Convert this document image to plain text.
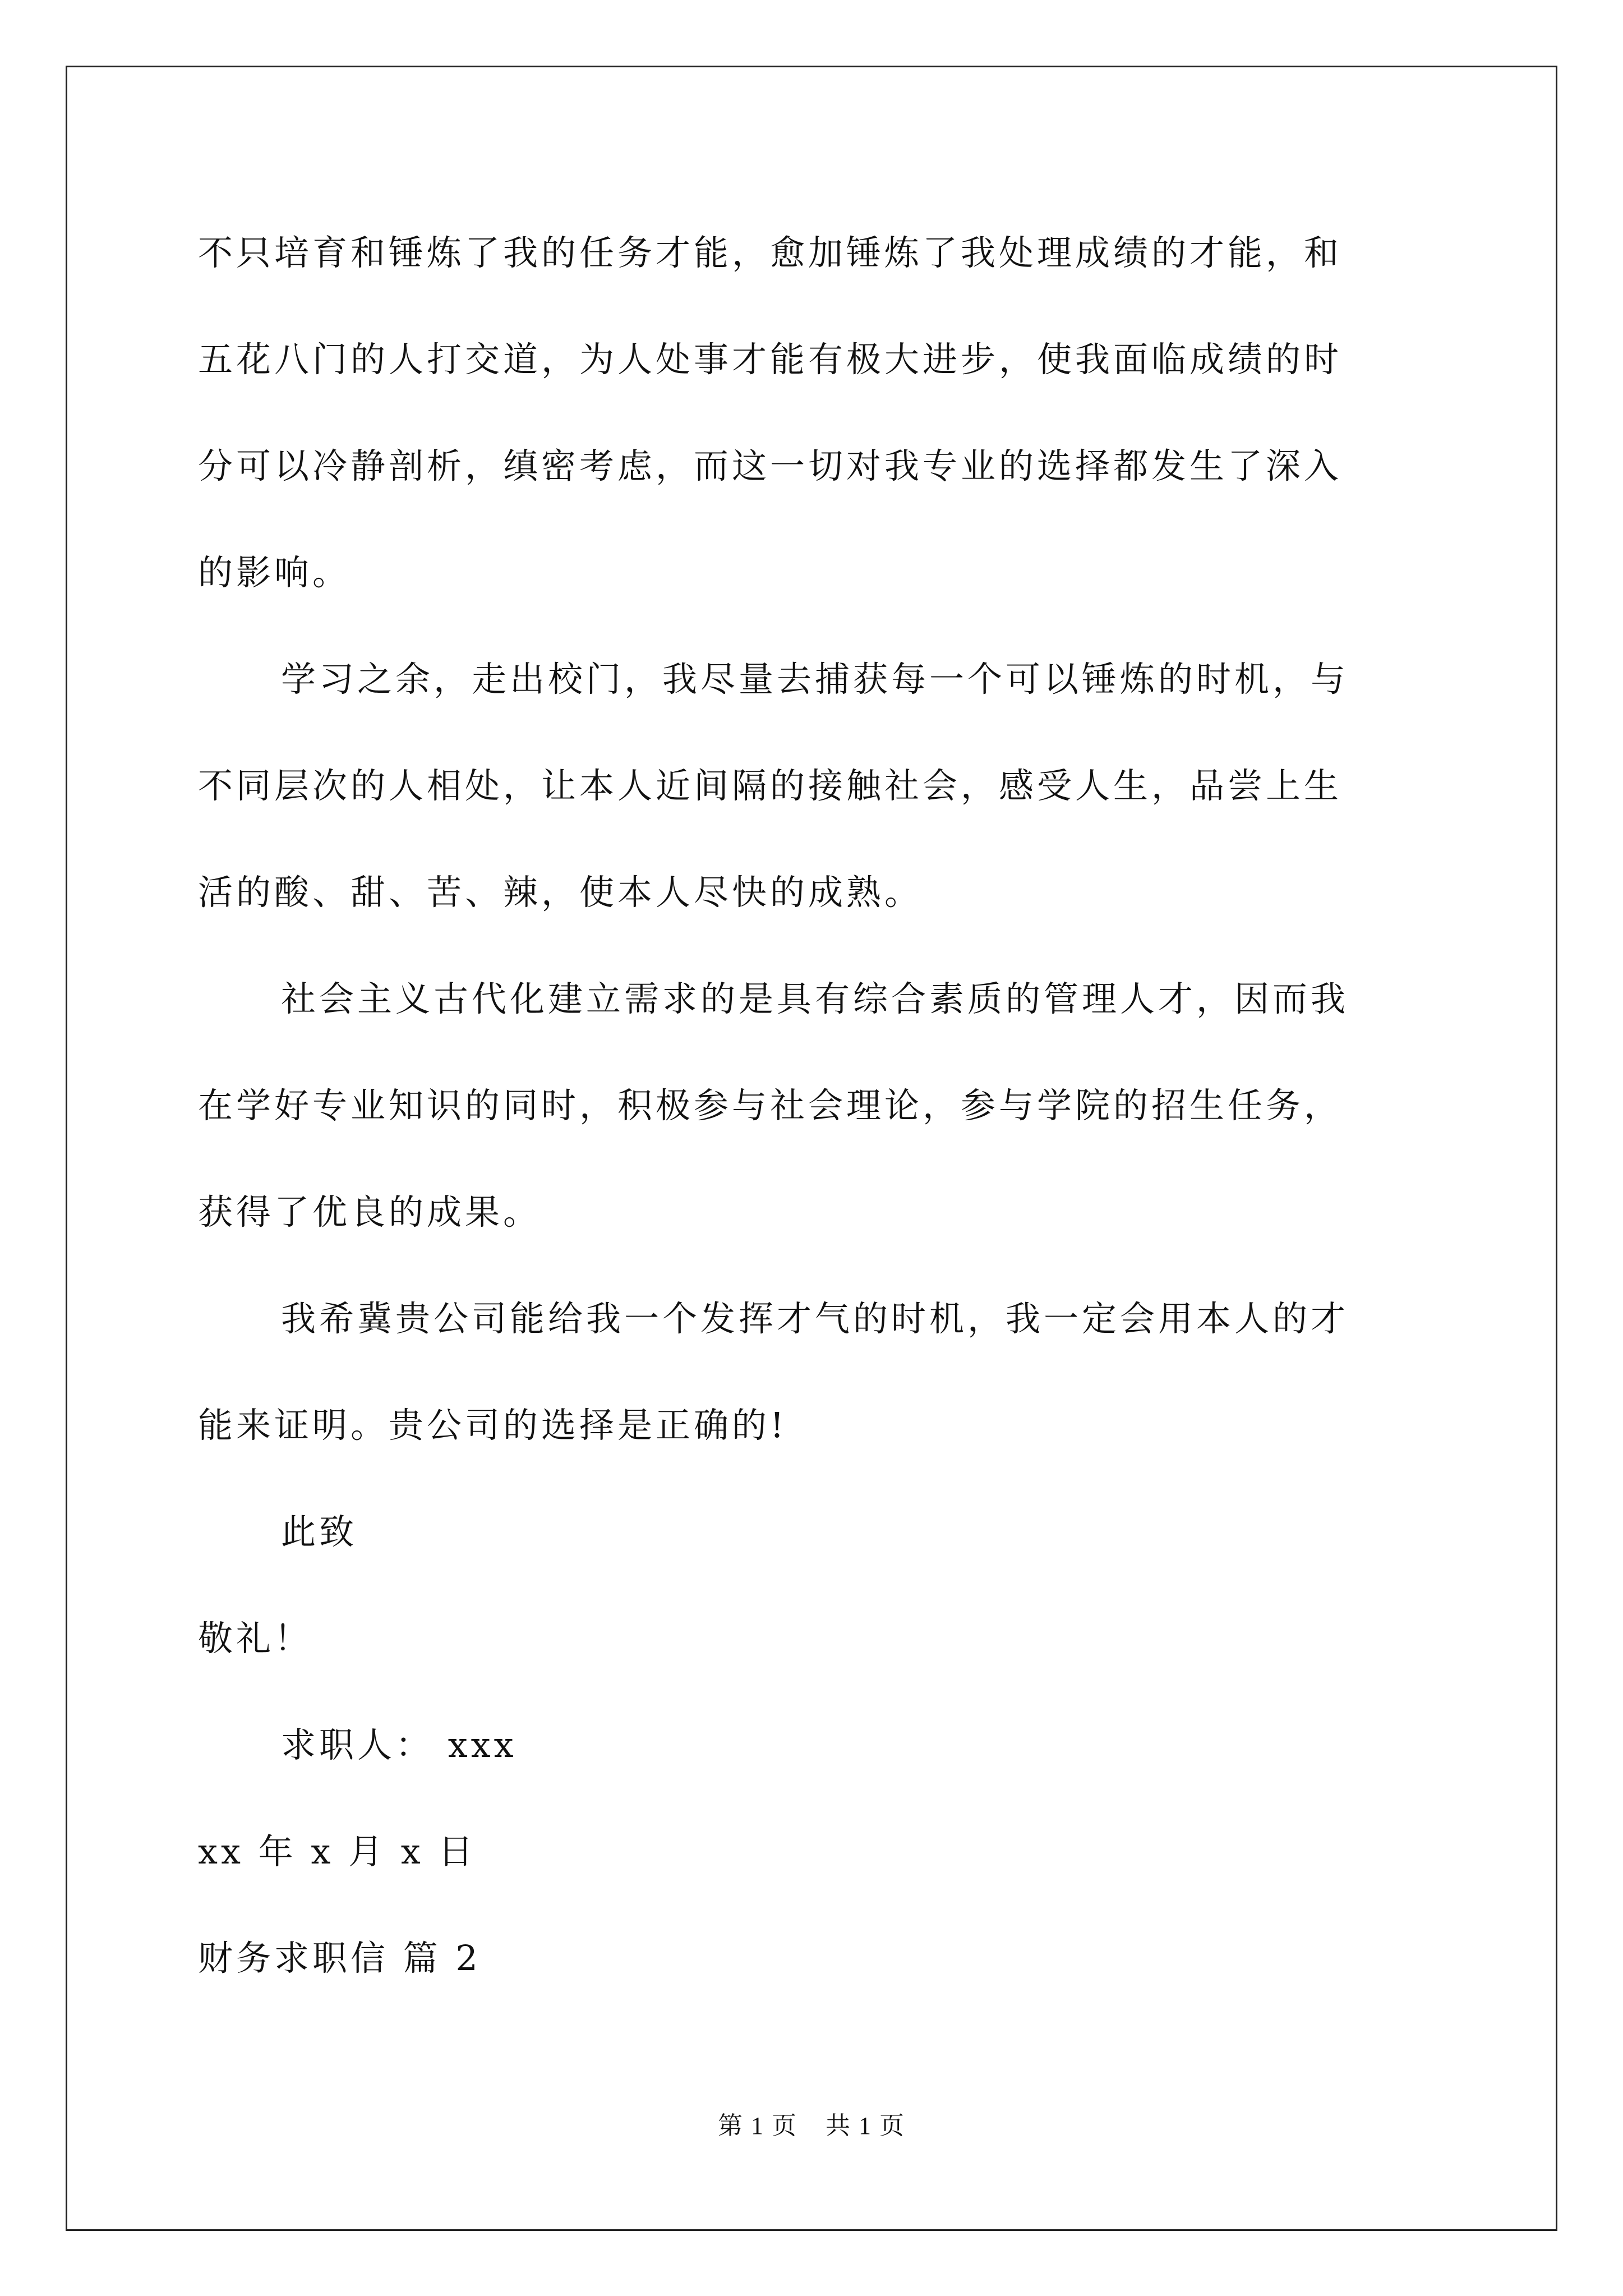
不只培育和锤炼了我的任务才能，愈加锤炼了我处理成绩的才能，和
五花八门的人打交道，为人处事才能有极大进步，使我面临成绩的时
分可以冷静剖析，缜密考虑，而这一切对我专业的选择都发生了深入
的影响。
学习之余，走出校门，我尽量去捕获每一个可以锤炼的时机，与
不同层次的人相处，让本人近间隔的接触社会，感受人生，品尝上生
活的酸、甜、苦、辣，使本人尽快的成熟。
社会主义古代化建立需求的是具有综合素质的管理人才，因而我
在学好专业知识的同时，积极参与社会理论，参与学院的招生任务，
获得了优良的成果。
我希冀贵公司能给我一个发挥才气的时机，我一定会用本人的才
能来证明。贵公司的选择是正确的!
此致
敬礼！
求职人： xxx
xx 年 x 月 x 日
财务求职信 篇 2
第 1 页 共 1 页
